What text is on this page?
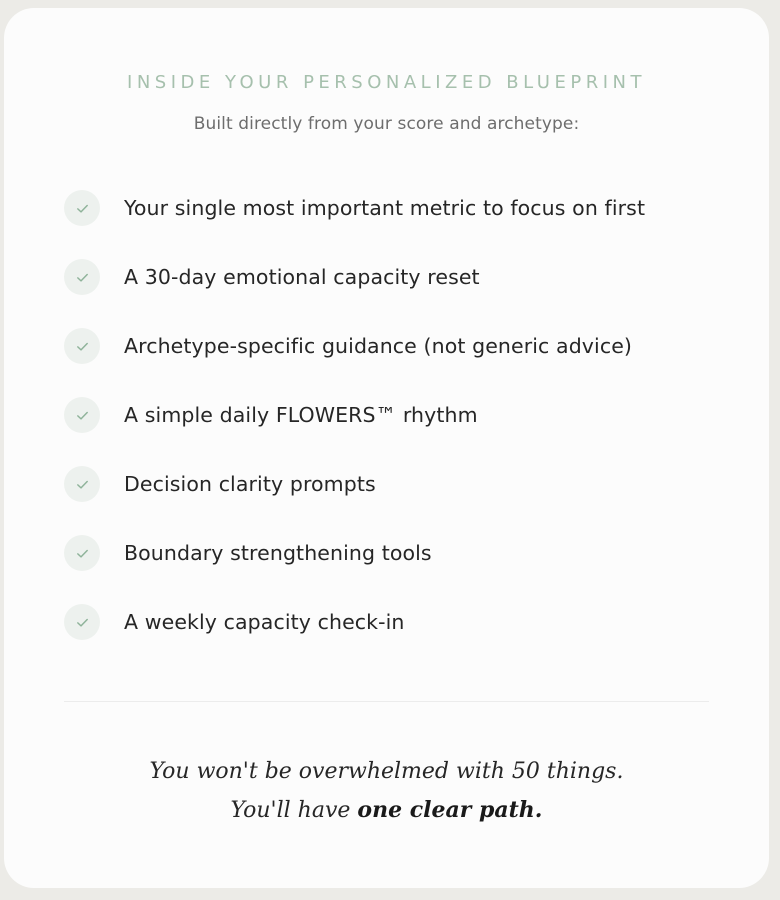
INSIDE YOUR PERSONALIZED BLUEPRINT
Built directly from your score and archetype:
Your single most important metric to focus on first
A 30-day emotional capacity reset
Archetype-specific guidance (not generic advice)
A simple daily FLOWERS™ rhythm
Decision clarity prompts
Boundary strengthening tools
A weekly capacity check-in
You won't be overwhelmed with 50 things.
You'll have one clear path.
